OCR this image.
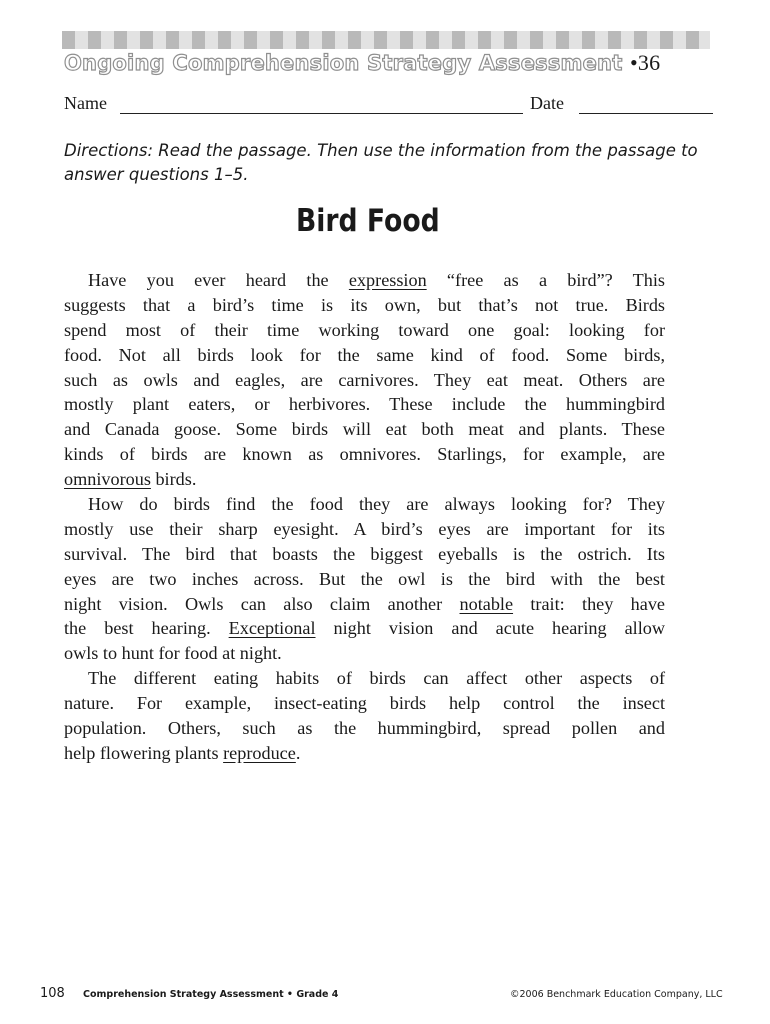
Ongoing Comprehension Strategy Assessment •36
Name	Date
Directions: Read the passage. Then use the information from the passage to answer questions 1–5.
Bird Food
Have you ever heard the expression “free as a bird”? This
suggests that a bird’s time is its own, but that’s not true. Birds
spend most of their time working toward one goal: looking for
food. Not all birds look for the same kind of food. Some birds,
such as owls and eagles, are carnivores. They eat meat. Others are
mostly plant eaters, or herbivores. These include the hummingbird
and Canada goose. Some birds will eat both meat and plants. These
kinds of birds are known as omnivores. Starlings, for example, are
omnivorous birds.
How do birds find the food they are always looking for? They
mostly use their sharp eyesight. A bird’s eyes are important for its
survival. The bird that boasts the biggest eyeballs is the ostrich. Its
eyes are two inches across. But the owl is the bird with the best
night vision. Owls can also claim another notable trait: they have
the best hearing. Exceptional night vision and acute hearing allow
owls to hunt for food at night.
The different eating habits of birds can affect other aspects of
nature. For example, insect-eating birds help control the insect
population. Others, such as the hummingbird, spread pollen and
help flowering plants reproduce.
108 Comprehension Strategy Assessment • Grade 4	©2006 Benchmark Education Company, LLC
